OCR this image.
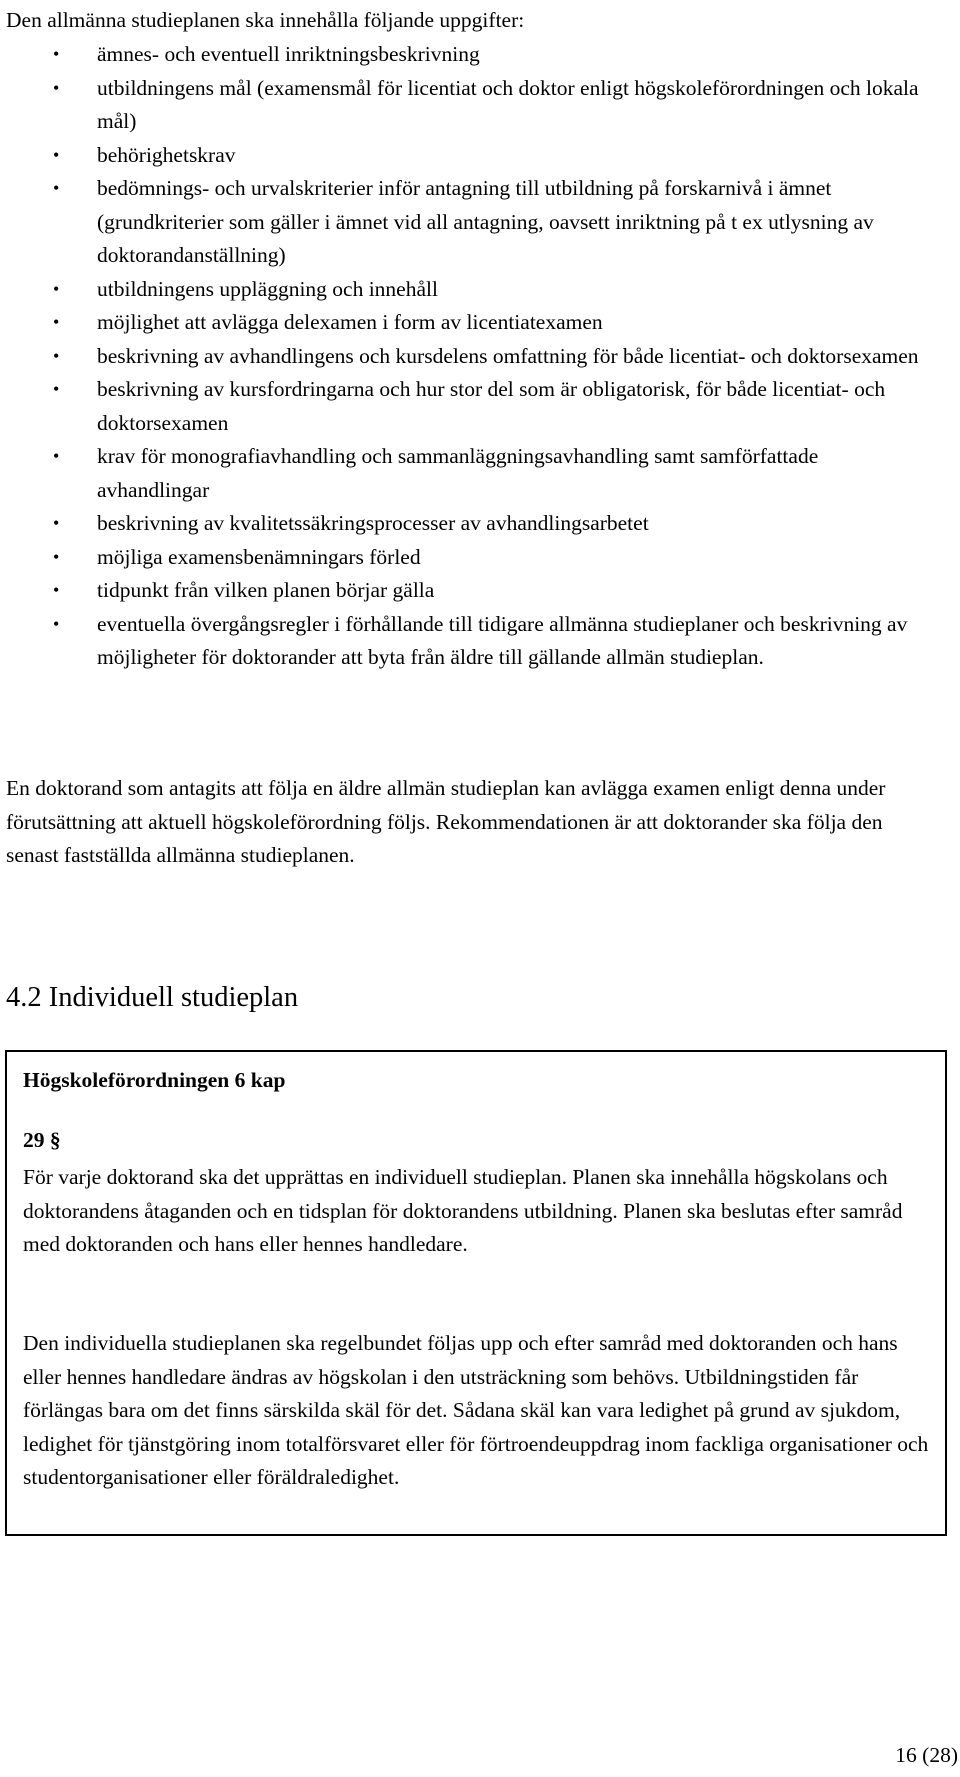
Den allmänna studieplanen ska innehålla följande uppgifter:

• ämnes- och eventuell inriktningsbeskrivning
• utbildningens mål (examensmål för licentiat och doktor enligt högskoleförordningen och lokala mål)
• behörighetskrav
• bedömnings- och urvalskriterier inför antagning till utbildning på forskarnivå i ämnet (grundkriterier som gäller i ämnet vid all antagning, oavsett inriktning på t ex utlysning av doktorandanställning)
• utbildningens uppläggning och innehåll
• möjlighet att avlägga delexamen i form av licentiatexamen
• beskrivning av avhandlingens och kursdelens omfattning för både licentiat- och doktorsexamen
• beskrivning av kursfordringarna och hur stor del som är obligatorisk, för både licentiat- och doktorsexamen
• krav för monografiavhandling och sammanläggningsavhandling samt samförfattade avhandlingar
• beskrivning av kvalitetssäkringsprocesser av avhandlingsarbetet
• möjliga examensbenämningars förled
• tidpunkt från vilken planen börjar gälla
• eventuella övergångsregler i förhållande till tidigare allmänna studieplaner och beskrivning av möjligheter för doktorander att byta från äldre till gällande allmän studieplan.

En doktorand som antagits att följa en äldre allmän studieplan kan avlägga examen enligt denna under förutsättning att aktuell högskoleförordning följs. Rekommendationen är att doktorander ska följa den senast fastställda allmänna studieplanen.

4.2 Individuell studieplan

Högskoleförordningen 6 kap

29 §

För varje doktorand ska det upprättas en individuell studieplan. Planen ska innehålla högskolans och doktorandens åtaganden och en tidsplan för doktorandens utbildning. Planen ska beslutas efter samråd med doktoranden och hans eller hennes handledare.

Den individuella studieplanen ska regelbundet följas upp och efter samråd med doktoranden och hans eller hennes handledare ändras av högskolan i den utsträckning som behövs. Utbildningstiden får förlängas bara om det finns särskilda skäl för det. Sådana skäl kan vara ledighet på grund av sjukdom, ledighet för tjänstgöring inom totalförsvaret eller för förtroendeuppdrag inom fackliga organisationer och studentorganisationer eller föräldraledighet.

16 (28)
